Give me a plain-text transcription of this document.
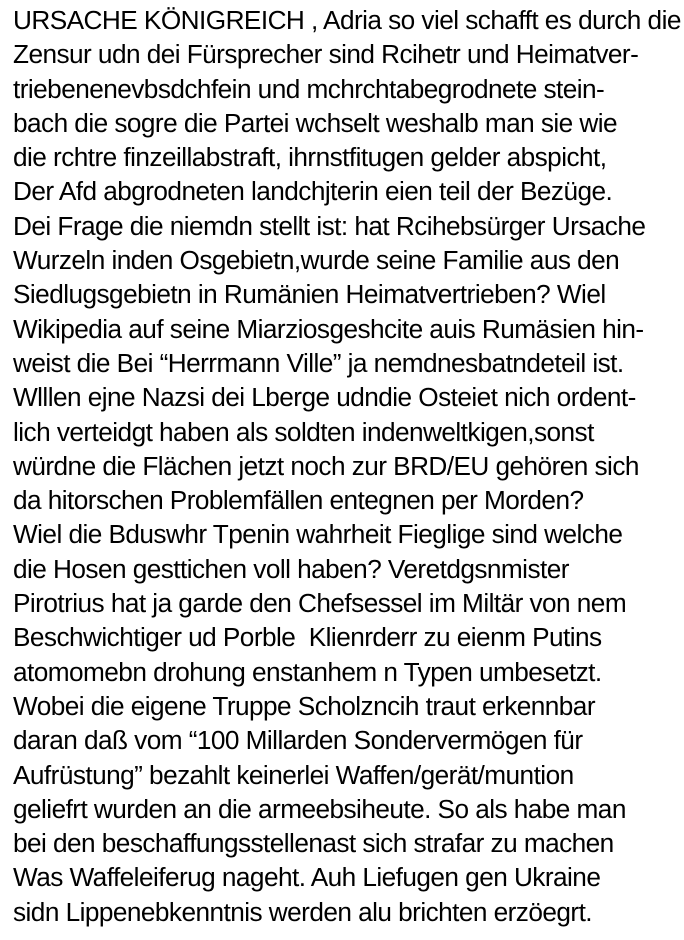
URSACHE KÖNIGREICH , Adria so viel schafft es durch die
Zensur udn dei Fürsprecher sind Rcihetr und Heimatver-
triebenenevbsdchfein und mchrchtabegrodnete stein-
bach die sogre die Partei wchselt weshalb man sie wie
die rchtre finzeillabstraft, ihrnstfitugen gelder abspicht,
Der Afd abgrodneten landchjterin eien teil der Bezüge.
Dei Frage die niemdn stellt ist: hat Rcihebsürger Ursache
Wurzeln inden Osgebietn,wurde seine Familie aus den
Siedlugsgebietn in Rumänien Heimatvertrieben? Wiel
Wikipedia auf seine Miarziosgeshcite auis Rumäsien hin-
weist die Bei “Herrmann Ville” ja nemdnesbatndeteil ist.
Wlllen ejne Nazsi dei Lberge udndie Osteiet nich ordent-
lich verteidgt haben als soldten indenweltkigen,sonst
würdne die Flächen jetzt noch zur BRD/EU gehören sich
da hitorschen Problemfällen entegnen per Morden?
Wiel die Bduswhr Tpenin wahrheit Fieglige sind welche
die Hosen gesttichen voll haben? Veretdgsnmister
Pirotrius hat ja garde den Chefsessel im Miltär von nem
Beschwichtiger ud Porble  Klienrderr zu eienm Putins
atomomebn drohung enstanhem n Typen umbesetzt.
Wobei die eigene Truppe Scholzncih traut erkennbar
daran daß vom “100 Millarden Sondervermögen für
Aufrüstung” bezahlt keinerlei Waffen/gerät/muntion
geliefrt wurden an die armeebsiheute. So als habe man
bei den beschaffungsstellenast sich strafar zu machen
Was Waffeleiferug nageht. Auh Liefugen gen Ukraine
sidn Lippenebkenntnis werden alu brichten erzöegrt.
